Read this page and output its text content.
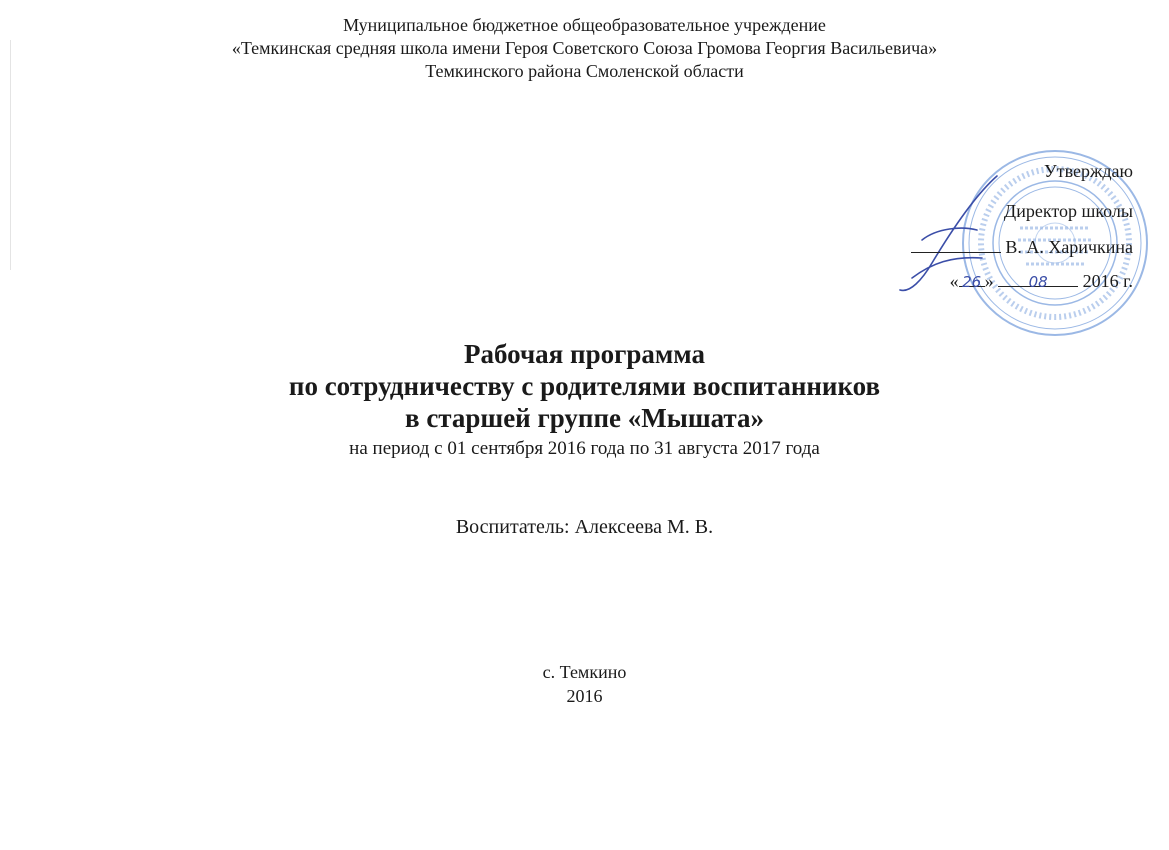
Муниципальное бюджетное общеобразовательное учреждение
«Темкинская средняя школа имени Героя Советского Союза Громова Георгия Васильевича»
Темкинского района Смоленской области
Утверждаю
Директор школы
В. А. Харичкина
« 26 » 08 2016 г.
Рабочая программа
по сотрудничеству с родителями воспитанников
в старшей группе «Мышата»
на период с 01 сентября 2016 года по 31 августа 2017 года
Воспитатель: Алексеева М. В.
с. Темкино
2016
